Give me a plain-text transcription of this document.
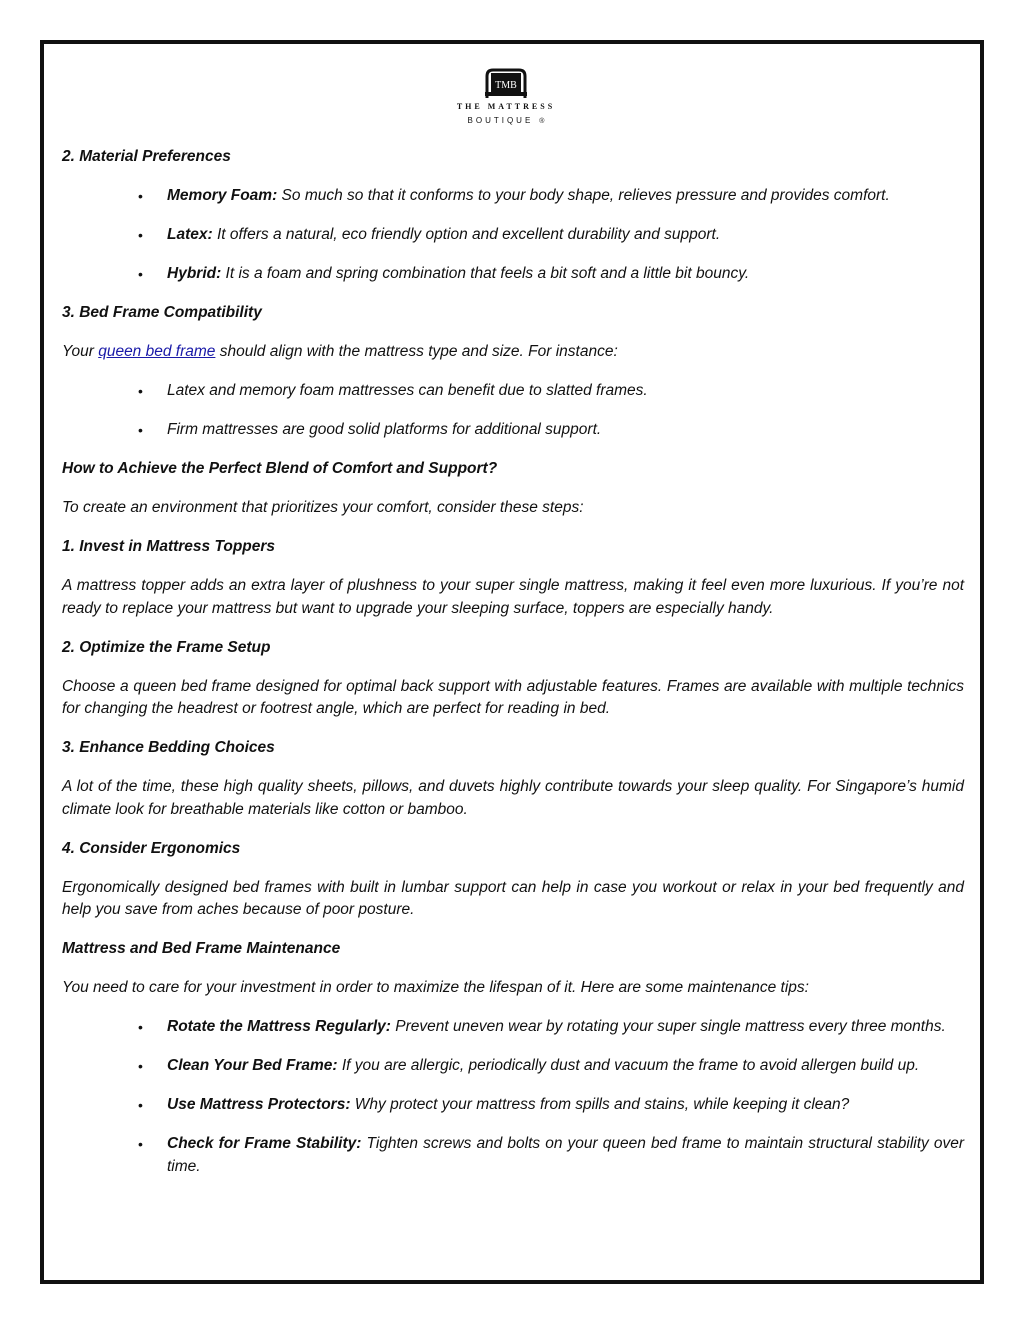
TMB
THE MATTRESS
BOUTIQUE ®

2. Material Preferences

• Memory Foam: So much so that it conforms to your body shape, relieves pressure and provides comfort.
• Latex: It offers a natural, eco friendly option and excellent durability and support.
• Hybrid: It is a foam and spring combination that feels a bit soft and a little bit bouncy.

3. Bed Frame Compatibility

Your queen bed frame should align with the mattress type and size. For instance:

• Latex and memory foam mattresses can benefit due to slatted frames.
• Firm mattresses are good solid platforms for additional support.

How to Achieve the Perfect Blend of Comfort and Support?

To create an environment that prioritizes your comfort, consider these steps:

1. Invest in Mattress Toppers

A mattress topper adds an extra layer of plushness to your super single mattress, making it feel even more luxurious. If you’re not ready to replace your mattress but want to upgrade your sleeping surface, toppers are especially handy.

2. Optimize the Frame Setup

Choose a queen bed frame designed for optimal back support with adjustable features. Frames are available with multiple technics for changing the headrest or footrest angle, which are perfect for reading in bed.

3. Enhance Bedding Choices

A lot of the time, these high quality sheets, pillows, and duvets highly contribute towards your sleep quality. For Singapore’s humid climate look for breathable materials like cotton or bamboo.

4. Consider Ergonomics

Ergonomically designed bed frames with built in lumbar support can help in case you workout or relax in your bed frequently and help you save from aches because of poor posture.

Mattress and Bed Frame Maintenance

You need to care for your investment in order to maximize the lifespan of it. Here are some maintenance tips:

• Rotate the Mattress Regularly: Prevent uneven wear by rotating your super single mattress every three months.
• Clean Your Bed Frame: If you are allergic, periodically dust and vacuum the frame to avoid allergen build up.
• Use Mattress Protectors: Why protect your mattress from spills and stains, while keeping it clean?
• Check for Frame Stability: Tighten screws and bolts on your queen bed frame to maintain structural stability over time.
